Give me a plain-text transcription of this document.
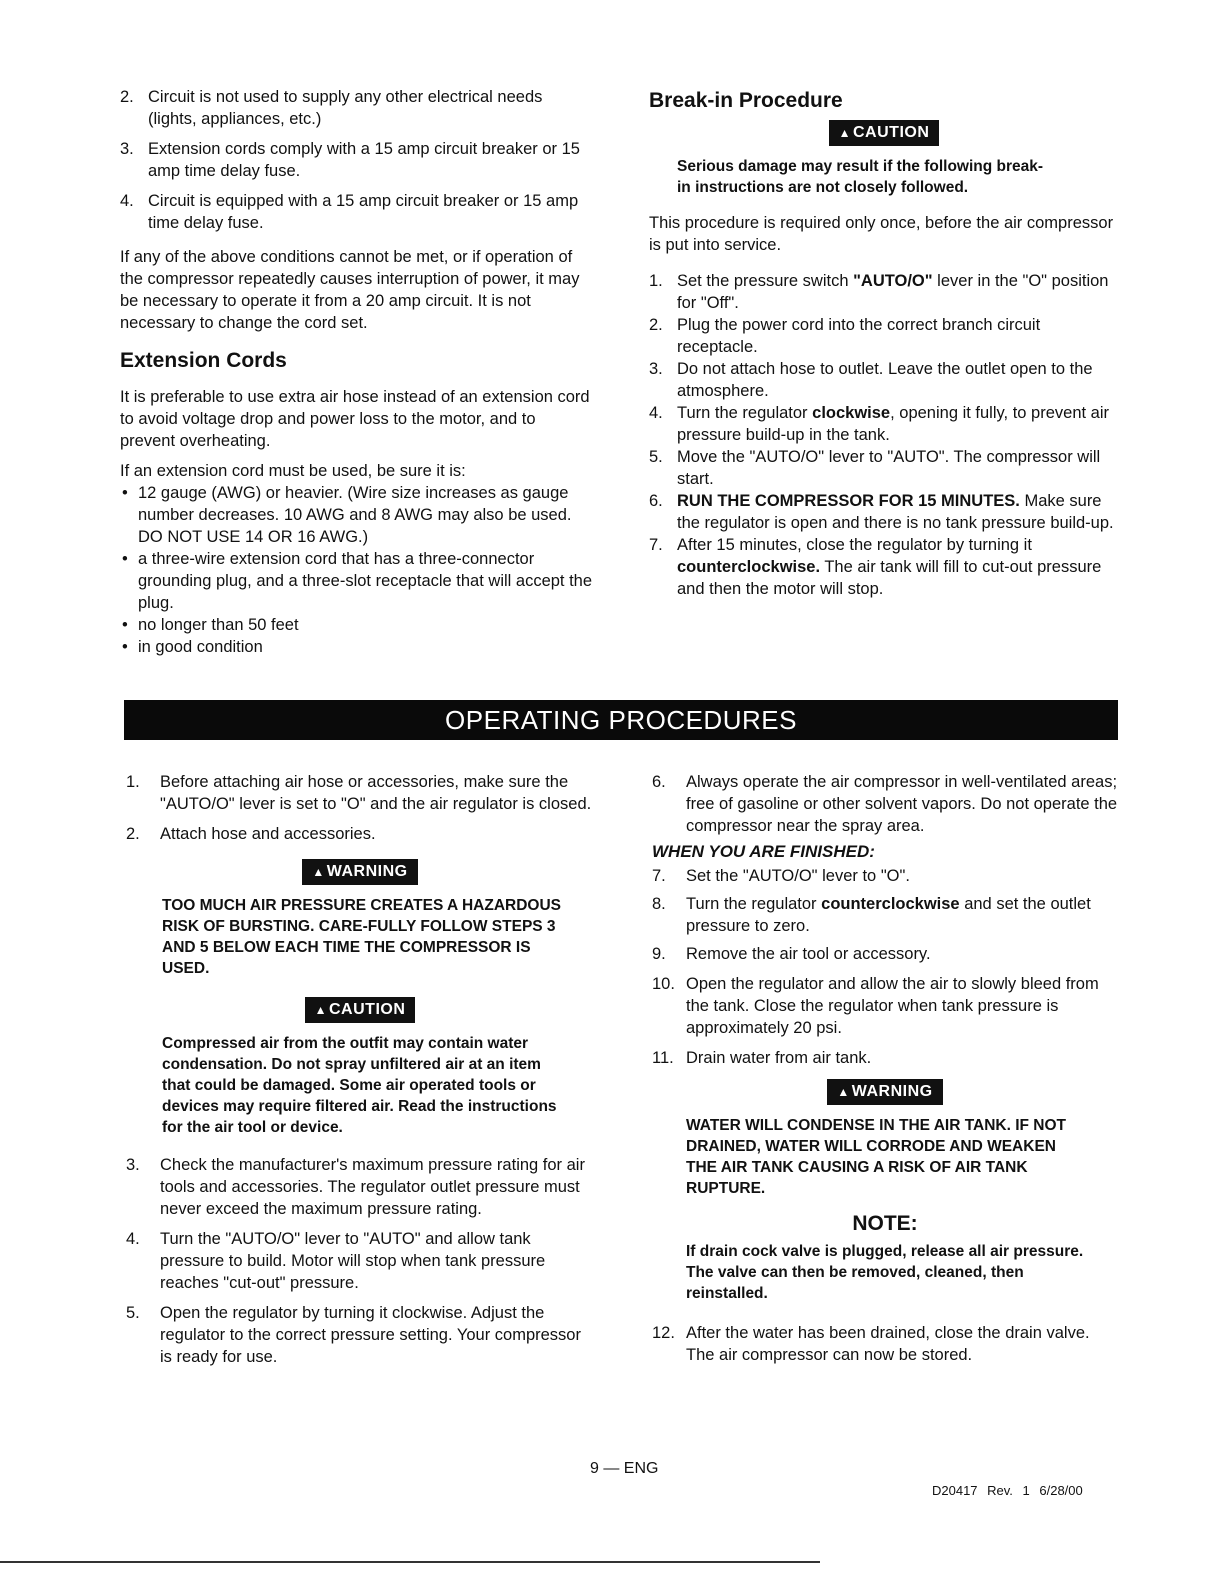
2. Circuit is not used to supply any other electrical needs (lights, appliances, etc.)
3. Extension cords comply with a 15 amp circuit breaker or 15 amp time delay fuse.
4. Circuit is equipped with a 15 amp circuit breaker or 15 amp time delay fuse.

If any of the above conditions cannot be met, or if operation of the compressor repeatedly causes interruption of power, it may be necessary to operate it from a 20 amp circuit. It is not necessary to change the cord set.

Extension Cords

It is preferable to use extra air hose instead of an extension cord to avoid voltage drop and power loss to the motor, and to prevent overheating.

If an extension cord must be used, be sure it is:

• 12 gauge (AWG) or heavier. (Wire size increases as gauge number decreases. 10 AWG and 8 AWG may also be used. DO NOT USE 14 OR 16 AWG.)
• a three-wire extension cord that has a three-connector grounding plug, and a three-slot receptacle that will accept the plug.
• no longer than 50 feet
• in good condition
Break-in Procedure
▲ CAUTION

Serious damage may result if the following break-in instructions are not closely followed.

This procedure is required only once, before the air compressor is put into service.

1. Set the pressure switch "AUTO/O" lever in the "O" position for "Off".
2. Plug the power cord into the correct branch circuit receptacle.
3. Do not attach hose to outlet. Leave the outlet open to the atmosphere.
4. Turn the regulator clockwise, opening it fully, to prevent air pressure build-up in the tank.
5. Move the "AUTO/O" lever to "AUTO". The compressor will start.
6. RUN THE COMPRESSOR FOR 15 MINUTES. Make sure the regulator is open and there is no tank pressure build-up.
7. After 15 minutes, close the regulator by turning it counterclockwise. The air tank will fill to cut-out pressure and then the motor will stop.
OPERATING PROCEDURES
1. Before attaching air hose or accessories, make sure the "AUTO/O" lever is set to "O" and the air regulator is closed.
2. Attach hose and accessories.
▲ WARNING

TOO MUCH AIR PRESSURE CREATES A HAZARDOUS RISK OF BURSTING. CARE-FULLY FOLLOW STEPS 3 AND 5 BELOW EACH TIME THE COMPRESSOR IS USED.

▲ CAUTION

Compressed air from the outfit may contain water condensation. Do not spray unfiltered air at an item that could be damaged. Some air operated tools or devices may require filtered air. Read the instructions for the air tool or device.

3. Check the manufacturer's maximum pressure rating for air tools and accessories. The regulator outlet pressure must never exceed the maximum pressure rating.
4. Turn the "AUTO/O" lever to "AUTO" and allow tank pressure to build. Motor will stop when tank pressure reaches "cut-out" pressure.
5. Open the regulator by turning it clockwise. Adjust the regulator to the correct pressure setting. Your compressor is ready for use.
6. Always operate the air compressor in well-ventilated areas; free of gasoline or other solvent vapors. Do not operate the compressor near the spray area.
WHEN YOU ARE FINISHED:
7. Set the "AUTO/O" lever to "O".
8. Turn the regulator counterclockwise and set the outlet pressure to zero.
9. Remove the air tool or accessory.
10. Open the regulator and allow the air to slowly bleed from the tank. Close the regulator when tank pressure is approximately 20 psi.
11. Drain water from air tank.
▲ WARNING

WATER WILL CONDENSE IN THE AIR TANK. IF NOT DRAINED, WATER WILL CORRODE AND WEAKEN THE AIR TANK CAUSING A RISK OF AIR TANK RUPTURE.

NOTE:

If drain cock valve is plugged, release all air pressure. The valve can then be removed, cleaned, then reinstalled.

12. After the water has been drained, close the drain valve. The air compressor can now be stored.
9 — ENG
D20417 Rev. 1 6/28/00
